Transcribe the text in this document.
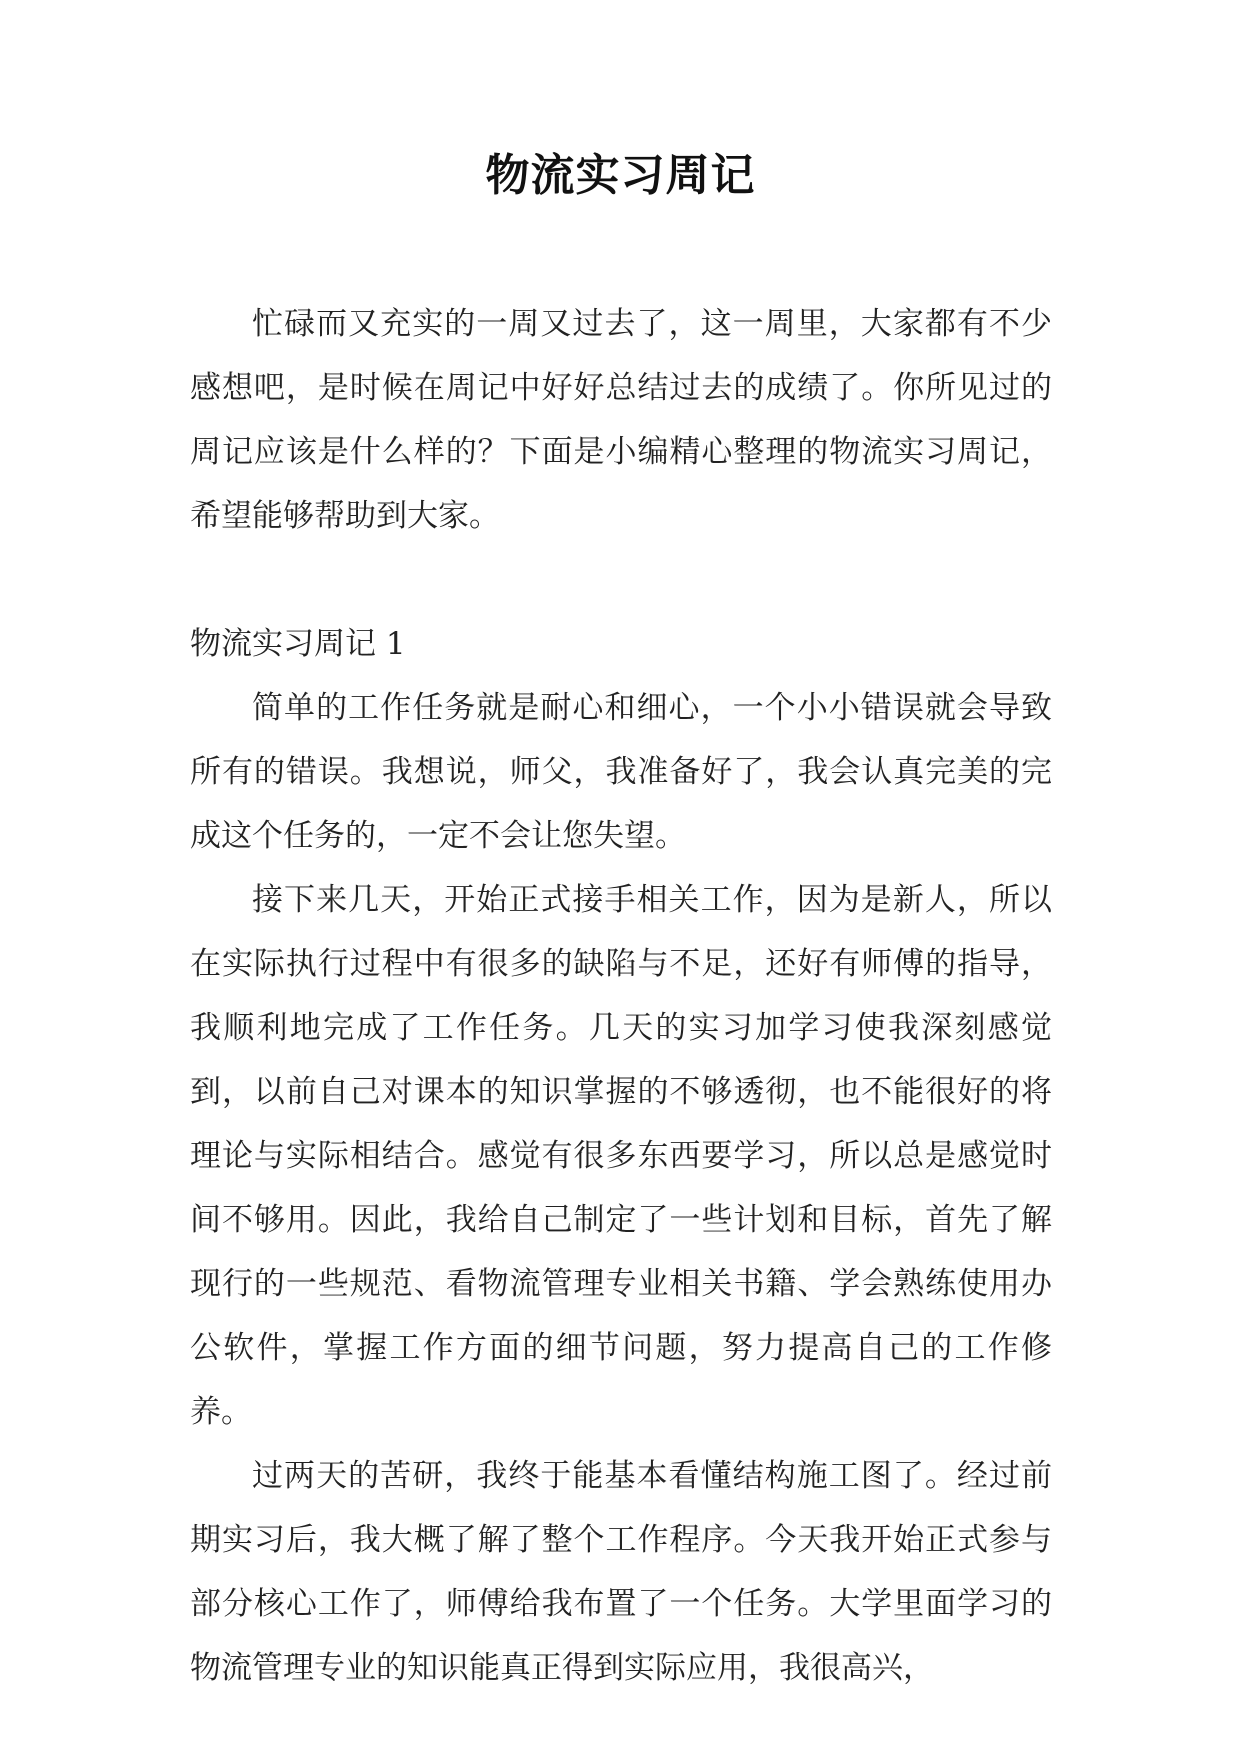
物流实习周记

忙碌而又充实的一周又过去了，这一周里，大家都有不少感想吧，是时候在周记中好好总结过去的成绩了。你所见过的周记应该是什么样的？下面是小编精心整理的物流实习周记，希望能够帮助到大家。

物流实习周记 1

简单的工作任务就是耐心和细心，一个小小错误就会导致所有的错误。我想说，师父，我准备好了，我会认真完美的完成这个任务的，一定不会让您失望。

接下来几天，开始正式接手相关工作，因为是新人，所以在实际执行过程中有很多的缺陷与不足，还好有师傅的指导，我顺利地完成了工作任务。几天的实习加学习使我深刻感觉到，以前自己对课本的知识掌握的不够透彻，也不能很好的将理论与实际相结合。感觉有很多东西要学习，所以总是感觉时间不够用。因此，我给自己制定了一些计划和目标，首先了解现行的一些规范、看物流管理专业相关书籍、学会熟练使用办公软件，掌握工作方面的细节问题，努力提高自己的工作修养。

过两天的苦研，我终于能基本看懂结构施工图了。经过前期实习后，我大概了解了整个工作程序。今天我开始正式参与部分核心工作了，师傅给我布置了一个任务。大学里面学习的物流管理专业的知识能真正得到实际应用，我很高兴，
